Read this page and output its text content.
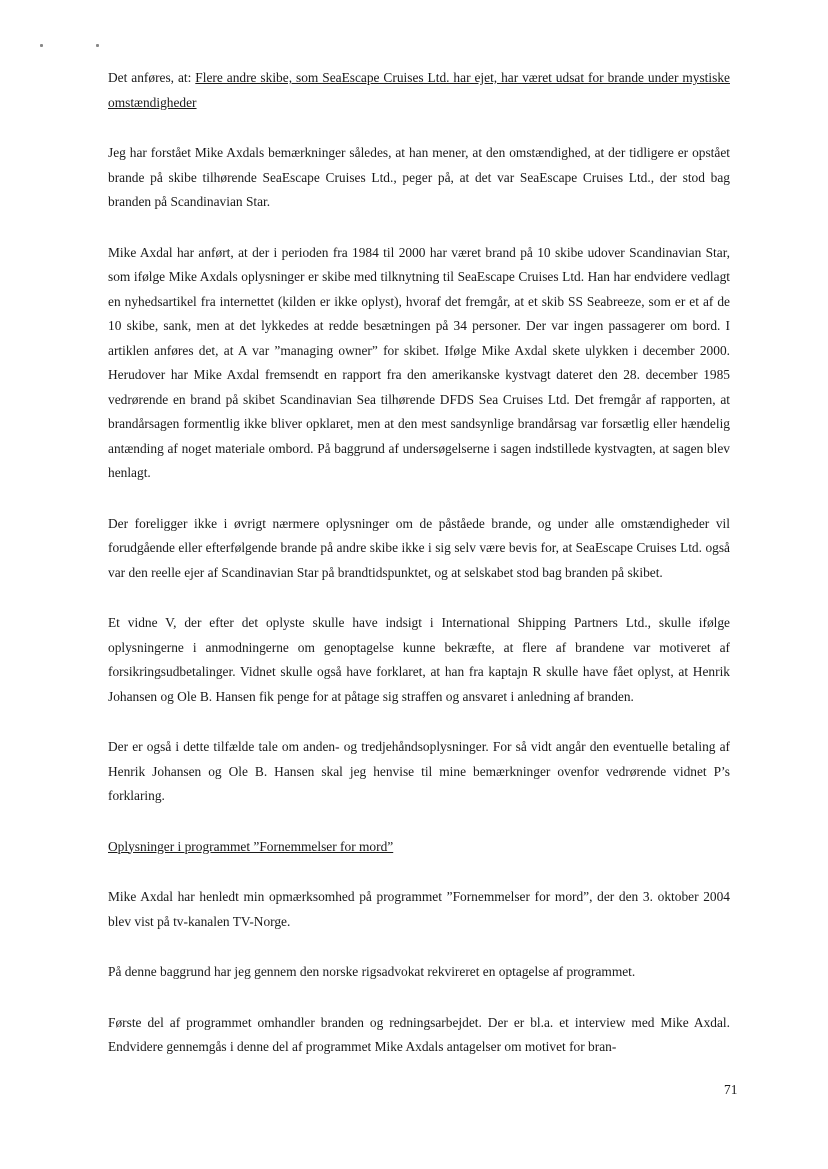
Det anføres, at: Flere andre skibe, som SeaEscape Cruises Ltd. har ejet, har været udsat for brande under mystiske omstændigheder

Jeg har forstået Mike Axdals bemærkninger således, at han mener, at den omstændighed, at der tidligere er opstået brande på skibe tilhørende SeaEscape Cruises Ltd., peger på, at det var SeaEscape Cruises Ltd., der stod bag branden på Scandinavian Star.

Mike Axdal har anført, at der i perioden fra 1984 til 2000 har været brand på 10 skibe udover Scandinavian Star, som ifølge Mike Axdals oplysninger er skibe med tilknytning til SeaEscape Cruises Ltd. Han har endvidere vedlagt en nyhedsartikel fra internettet (kilden er ikke oplyst), hvoraf det fremgår, at et skib SS Seabreeze, som er et af de 10 skibe, sank, men at det lykkedes at redde besætningen på 34 personer. Der var ingen passagerer om bord. I artiklen anføres det, at A var ”managing owner” for skibet. Ifølge Mike Axdal skete ulykken i december 2000. Herudover har Mike Axdal fremsendt en rapport fra den amerikanske kystvagt dateret den 28. december 1985 vedrørende en brand på skibet Scandinavian Sea tilhørende DFDS Sea Cruises Ltd. Det fremgår af rapporten, at brandårsagen formentlig ikke bliver opklaret, men at den mest sandsynlige brandårsag var forsætlig eller hændelig antænding af noget materiale ombord. På baggrund af undersøgelserne i sagen indstillede kystvagten, at sagen blev henlagt.

Der foreligger ikke i øvrigt nærmere oplysninger om de påståede brande, og under alle omstændigheder vil forudgående eller efterfølgende brande på andre skibe ikke i sig selv være bevis for, at SeaEscape Cruises Ltd. også var den reelle ejer af Scandinavian Star på brandtidspunktet, og at selskabet stod bag branden på skibet.

Et vidne V, der efter det oplyste skulle have indsigt i International Shipping Partners Ltd., skulle ifølge oplysningerne i anmodningerne om genoptagelse kunne bekræfte, at flere af brandene var motiveret af forsikringsudbetalinger. Vidnet skulle også have forklaret, at han fra kaptajn R skulle have fået oplyst, at Henrik Johansen og Ole B. Hansen fik penge for at påtage sig straffen og ansvaret i anledning af branden.

Der er også i dette tilfælde tale om anden- og tredjehåndsoplysninger. For så vidt angår den eventuelle betaling af Henrik Johansen og Ole B. Hansen skal jeg henvise til mine bemærkninger ovenfor vedrørende vidnet P’s forklaring.

Oplysninger i programmet ”Fornemmelser for mord”

Mike Axdal har henledt min opmærksomhed på programmet ”Fornemmelser for mord”, der den 3. oktober 2004 blev vist på tv-kanalen TV-Norge.

På denne baggrund har jeg gennem den norske rigsadvokat rekvireret en optagelse af programmet.

Første del af programmet omhandler branden og redningsarbejdet. Der er bl.a. et interview med Mike Axdal. Endvidere gennemgås i denne del af programmet Mike Axdals antagelser om motivet for bran-

71
